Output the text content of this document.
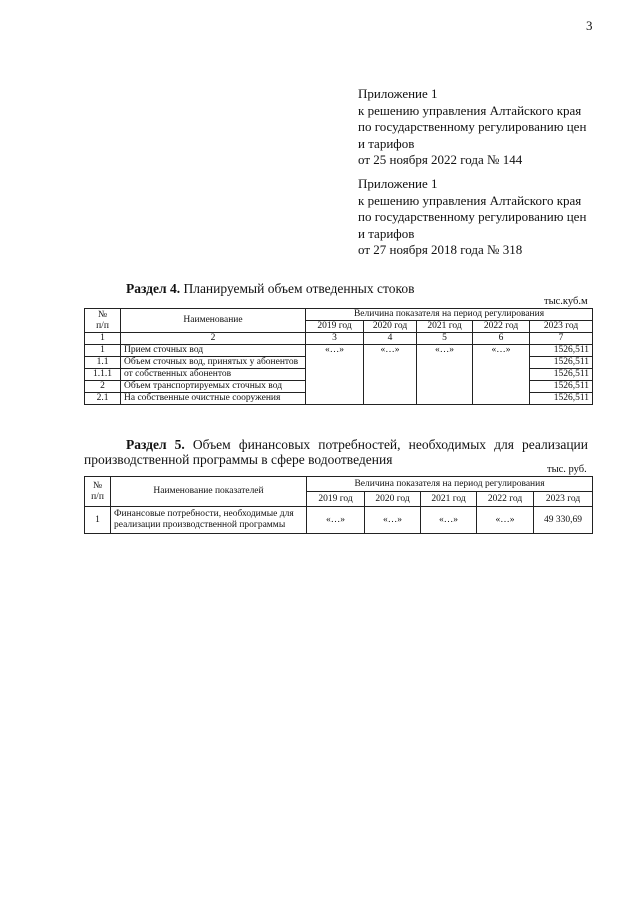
3
Приложение 1
к решению управления Алтайского края
по государственному регулированию цен
и тарифов
от 25 ноября 2022 года № 144
Приложение 1
к решению управления Алтайского края
по государственному регулированию цен
и тарифов
от 27 ноября 2018 года № 318
Раздел 4. Планируемый объем отведенных стоков
тыс.куб.м
№
п/п	Наименование	Величина показателя на период регулирования				
		2019 год	2020 год	2021 год	2022 год	2023 год
1	2	3	4	5	6	7
1	Прием сточных вод	«…»	«…»	«…»	«…»	1526,511
1.1	Объем сточных вод, принятых у абонентов					1526,511
1.1.1	от собственных абонентов					1526,511
2	Объем транспортируемых сточных вод					1526,511
2.1	На собственные очистные сооружения					1526,511
Раздел 5. Объем финансовых потребностей, необходимых для реализации
производственной программы в сфере водоотведения
тыс. руб.
№
п/п	Наименование показателей	Величина показателя на период регулирования				
		2019 год	2020 год	2021 год	2022 год	2023 год
1	Финансовые потребности, необходимые для реализации производственной программы	«…»	«…»	«…»	«…»	49 330,69
